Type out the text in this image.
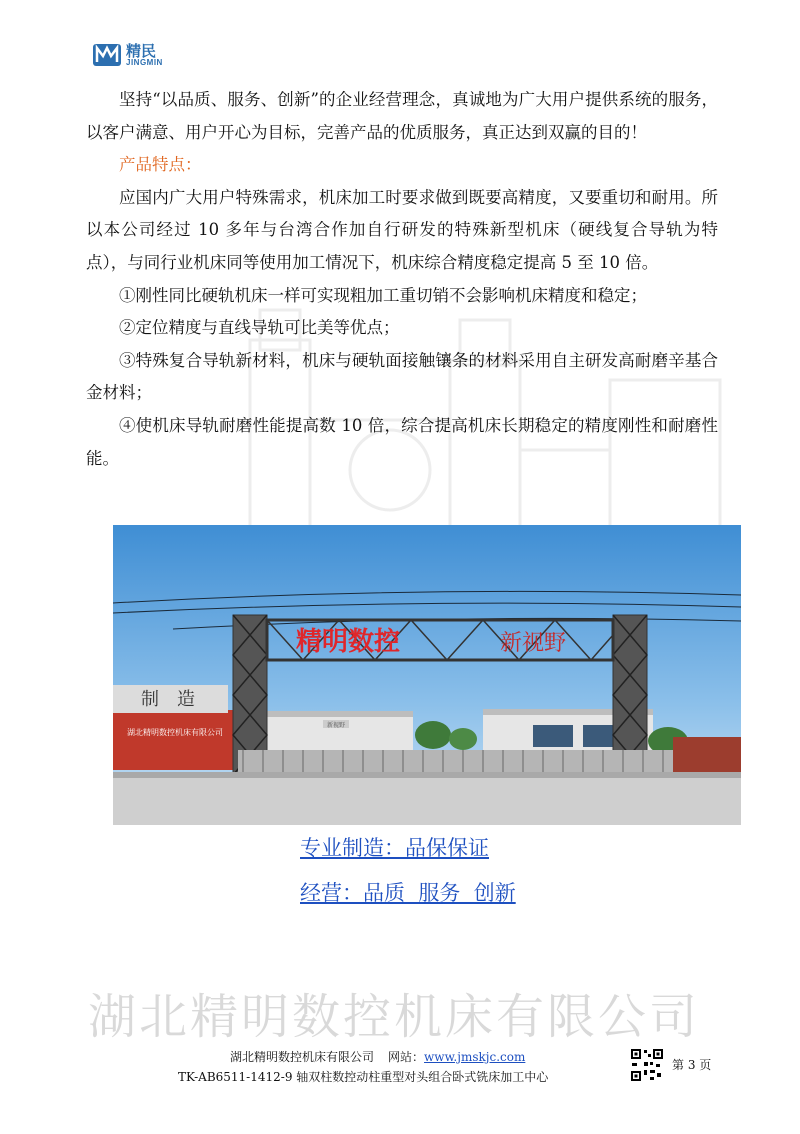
精民
JINGMIN

坚持“以品质、服务、创新”的企业经营理念，真诚地为广大用户提供系统的服务，以客户满意、用户开心为目标，完善产品的优质服务，真正达到双赢的目的！

产品特点：

应国内广大用户特殊需求，机床加工时要求做到既要高精度，又要重切和耐用。所以本公司经过 10 多年与台湾合作加自行研发的特殊新型机床（硬线复合导轨为特点），与同行业机床同等使用加工情况下，机床综合精度稳定提高 5 至 10 倍。

①刚性同比硬轨机床一样可实现粗加工重切销不会影响机床精度和稳定；

②定位精度与直线导轨可比美等优点；

③特殊复合导轨新材料，机床与硬轨面接触镶条的材料采用自主研发高耐磨辛基合金材料；

④使机床导轨耐磨性能提高数 10 倍，综合提高机床长期稳定的精度刚性和耐磨性能。

新视野
制　造
湖北精明数控机床有限公司
精明数控	新视野
专业制造：品保保证
经营：品质  服务  创新
湖北精明数控机床有限公司
湖北精明数控机床有限公司 网站：www.jmskjc.com
TK-AB6511-1412-9 轴双柱数控动柱重型对头组合卧式铣床加工中心
第 3 页
